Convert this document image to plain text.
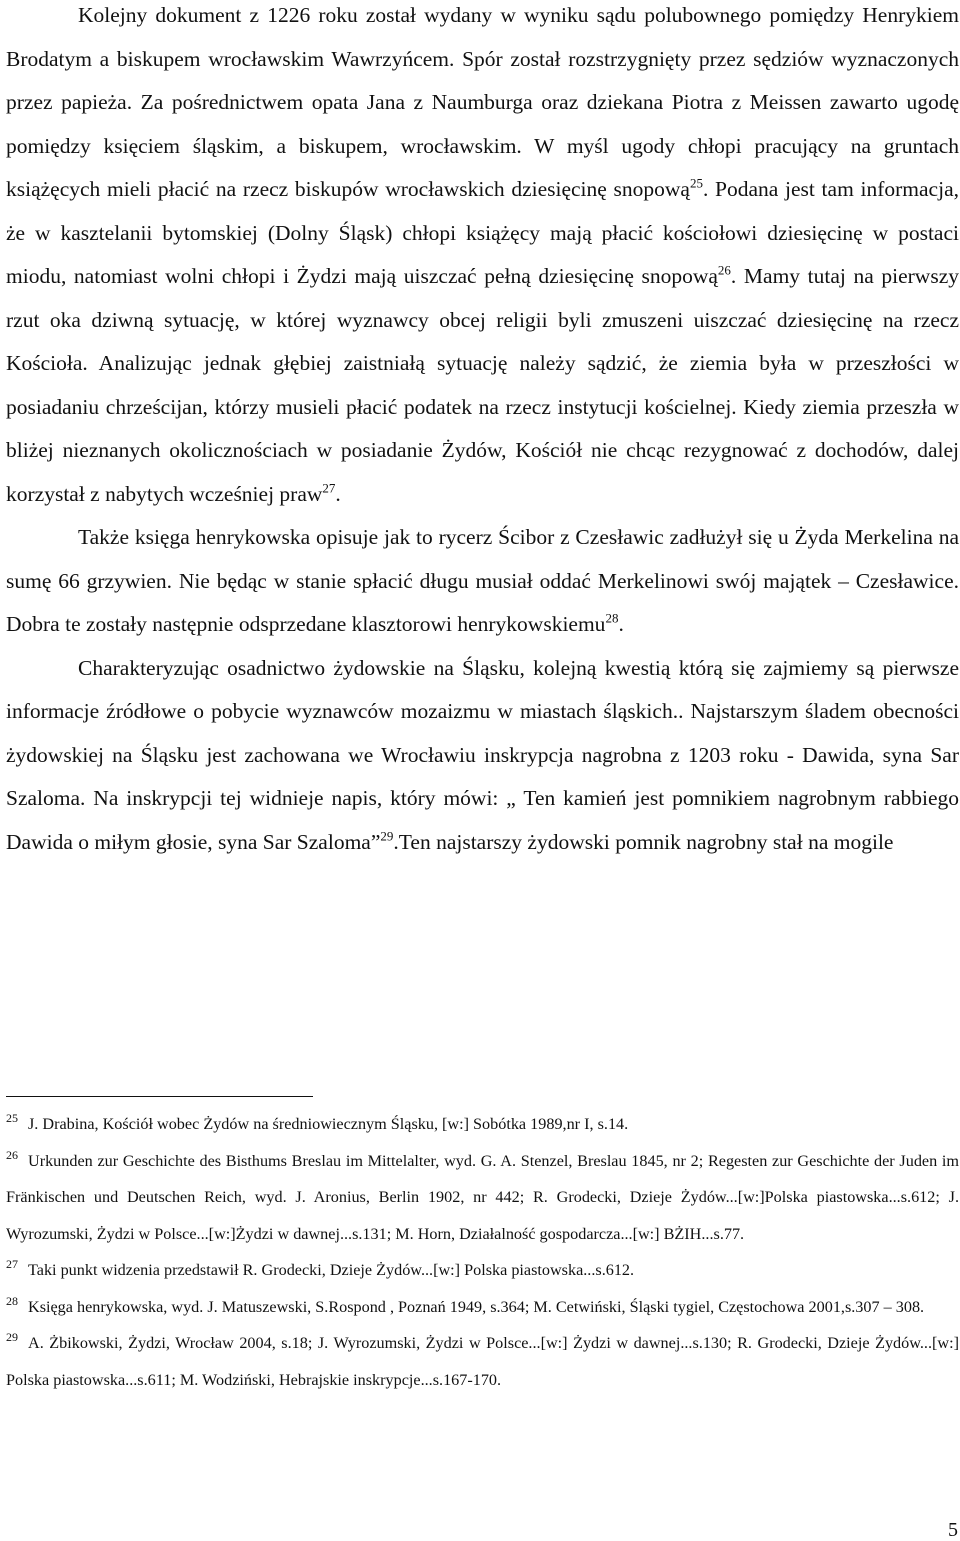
Kolejny dokument z 1226 roku został wydany w wyniku sądu polubownego pomiędzy Henrykiem Brodatym a biskupem wrocławskim Wawrzyńcem. Spór został rozstrzygnięty przez sędziów wyznaczonych przez papieża. Za pośrednictwem opata Jana z Naumburga oraz dziekana Piotra z Meissen zawarto ugodę pomiędzy księciem śląskim, a biskupem, wrocławskim. W myśl ugody chłopi pracujący na gruntach książęcych mieli płacić na rzecz biskupów wrocławskich dziesięcinę snopową$^{25}$. Podana jest tam informacja, że w kasztelanii bytomskiej (Dolny Śląsk) chłopi książęcy mają płacić kościołowi dziesięcinę w postaci miodu, natomiast wolni chłopi i Żydzi mają uiszczać pełną dziesięcinę snopową$^{26}$. Mamy tutaj na pierwszy rzut oka dziwną sytuację, w której wyznawcy obcej religii byli zmuszeni uiszczać dziesięcinę na rzecz Kościoła. Analizując jednak głębiej zaistniałą sytuację należy sądzić, że ziemia była w przeszłości w posiadaniu chrześcijan, którzy musieli płacić podatek na rzecz instytucji kościelnej. Kiedy ziemia przeszła w bliżej nieznanych okolicznościach w posiadanie Żydów, Kościół nie chcąc rezygnować z dochodów, dalej korzystał z nabytych wcześniej praw$^{27}$.

Także księga henrykowska opisuje jak to rycerz Ścibor z Czesławic zadłużył się u Żyda Merkelina na sumę 66 grzywien. Nie będąc w stanie spłacić długu musiał oddać Merkelinowi swój majątek – Czesławice. Dobra te zostały następnie odsprzedane klasztorowi henrykowskiemu$^{28}$.

Charakteryzując osadnictwo żydowskie na Śląsku, kolejną kwestią którą się zajmiemy są pierwsze informacje źródłowe o pobycie wyznawców mozaizmu w miastach śląskich.. Najstarszym śladem obecności żydowskiej na Śląsku jest zachowana we Wrocławiu inskrypcja nagrobna z 1203 roku - Dawida, syna Sar Szaloma. Na inskrypcji tej widnieje napis, który mówi: „ Ten kamień jest pomnikiem nagrobnym rabbiego Dawida o miłym głosie, syna Sar Szaloma”$^{29}$.Ten najstarszy żydowski pomnik nagrobny stał na mogile

$^{25}$ J. Drabina, Kościół wobec Żydów na średniowiecznym Śląsku, [w:] Sobótka 1989,nr I, s.14.

$^{26}$ Urkunden zur Geschichte des Bisthums Breslau im Mittelalter, wyd. G. A. Stenzel, Breslau 1845, nr 2; Regesten zur Geschichte der Juden im Fränkischen und Deutschen Reich, wyd. J. Aronius, Berlin 1902, nr 442; R. Grodecki, Dzieje Żydów...[w:]Polska piastowska...s.612; J. Wyrozumski, Żydzi w Polsce...[w:]Żydzi w dawnej...s.131; M. Horn, Działalność gospodarcza...[w:] BŻIH...s.77.

$^{27}$ Taki punkt widzenia przedstawił R. Grodecki, Dzieje Żydów...[w:] Polska piastowska...s.612.

$^{28}$ Księga henrykowska, wyd. J. Matuszewski, S.Rospond , Poznań 1949, s.364; M. Cetwiński, Śląski tygiel, Częstochowa 2001,s.307 – 308.

$^{29}$ A. Żbikowski, Żydzi, Wrocław 2004, s.18; J. Wyrozumski, Żydzi w Polsce...[w:] Żydzi w dawnej...s.130; R. Grodecki, Dzieje Żydów...[w:] Polska piastowska...s.611; M. Wodziński, Hebrajskie inskrypcje...s.167-170.

5
